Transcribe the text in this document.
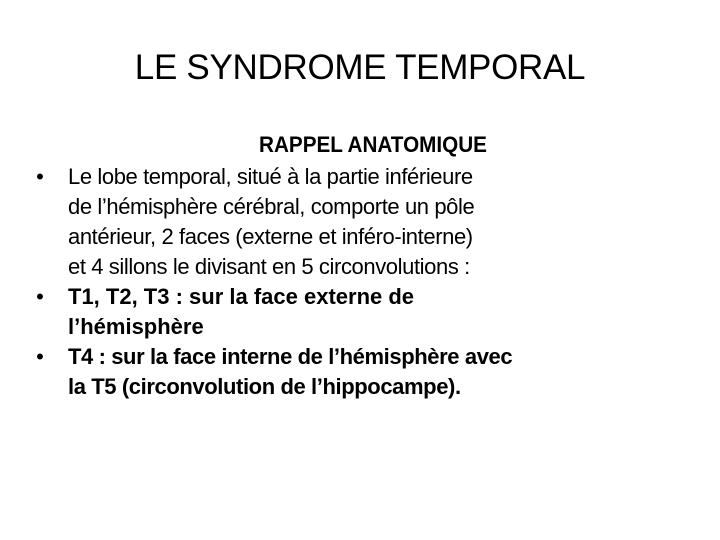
LE SYNDROME TEMPORAL
RAPPEL ANATOMIQUE
• Le lobe temporal, situé à la partie inférieure
de l’hémisphère cérébral, comporte un pôle
antérieur, 2 faces (externe et inféro-interne)
et 4 sillons le divisant en 5 circonvolutions :
• T1, T2, T3 : sur la face externe de
l’hémisphère
• T4 : sur la face interne de l’hémisphère avec
la T5 (circonvolution de l’hippocampe).
